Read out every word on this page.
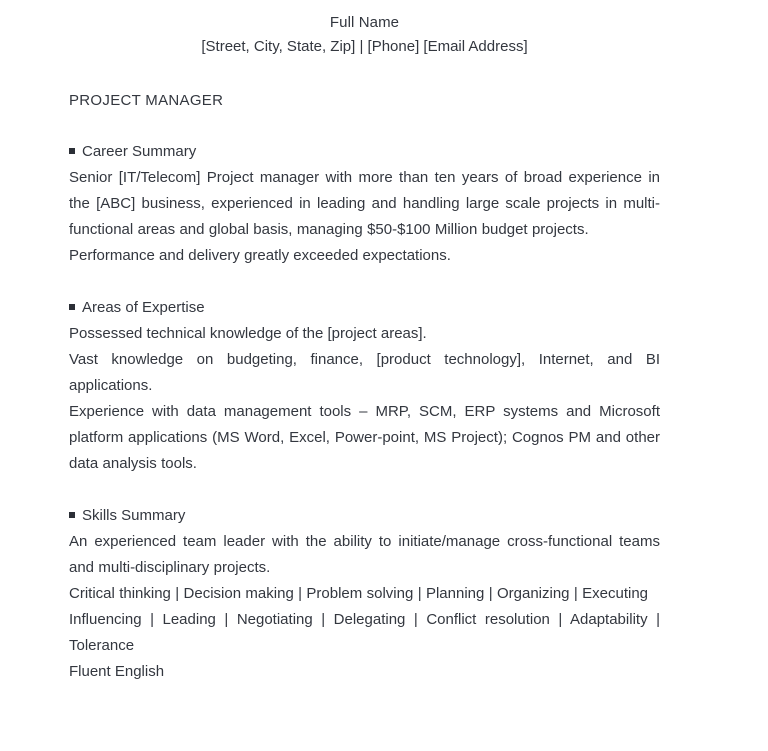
Full Name
[Street, City, State, Zip] | [Phone] [Email Address]
PROJECT MANAGER
Career Summary

Senior [IT/Telecom] Project manager with more than ten years of broad experience in the [ABC] business, experienced in leading and handling large scale projects in multi-functional areas and global basis, managing $50-$100 Million budget projects.

Performance and delivery greatly exceeded expectations.

Areas of Expertise

Possessed technical knowledge of the [project areas].

Vast knowledge on budgeting, finance, [product technology], Internet, and BI applications.

Experience with data management tools – MRP, SCM, ERP systems and Microsoft platform applications (MS Word, Excel, Power-point, MS Project); Cognos PM and other data analysis tools.

Skills Summary

An experienced team leader with the ability to initiate/manage cross-functional teams and multi-disciplinary projects.

Critical thinking | Decision making | Problem solving | Planning | Organizing | Executing

Influencing | Leading | Negotiating | Delegating | Conflict resolution | Adaptability | Tolerance

Fluent English
